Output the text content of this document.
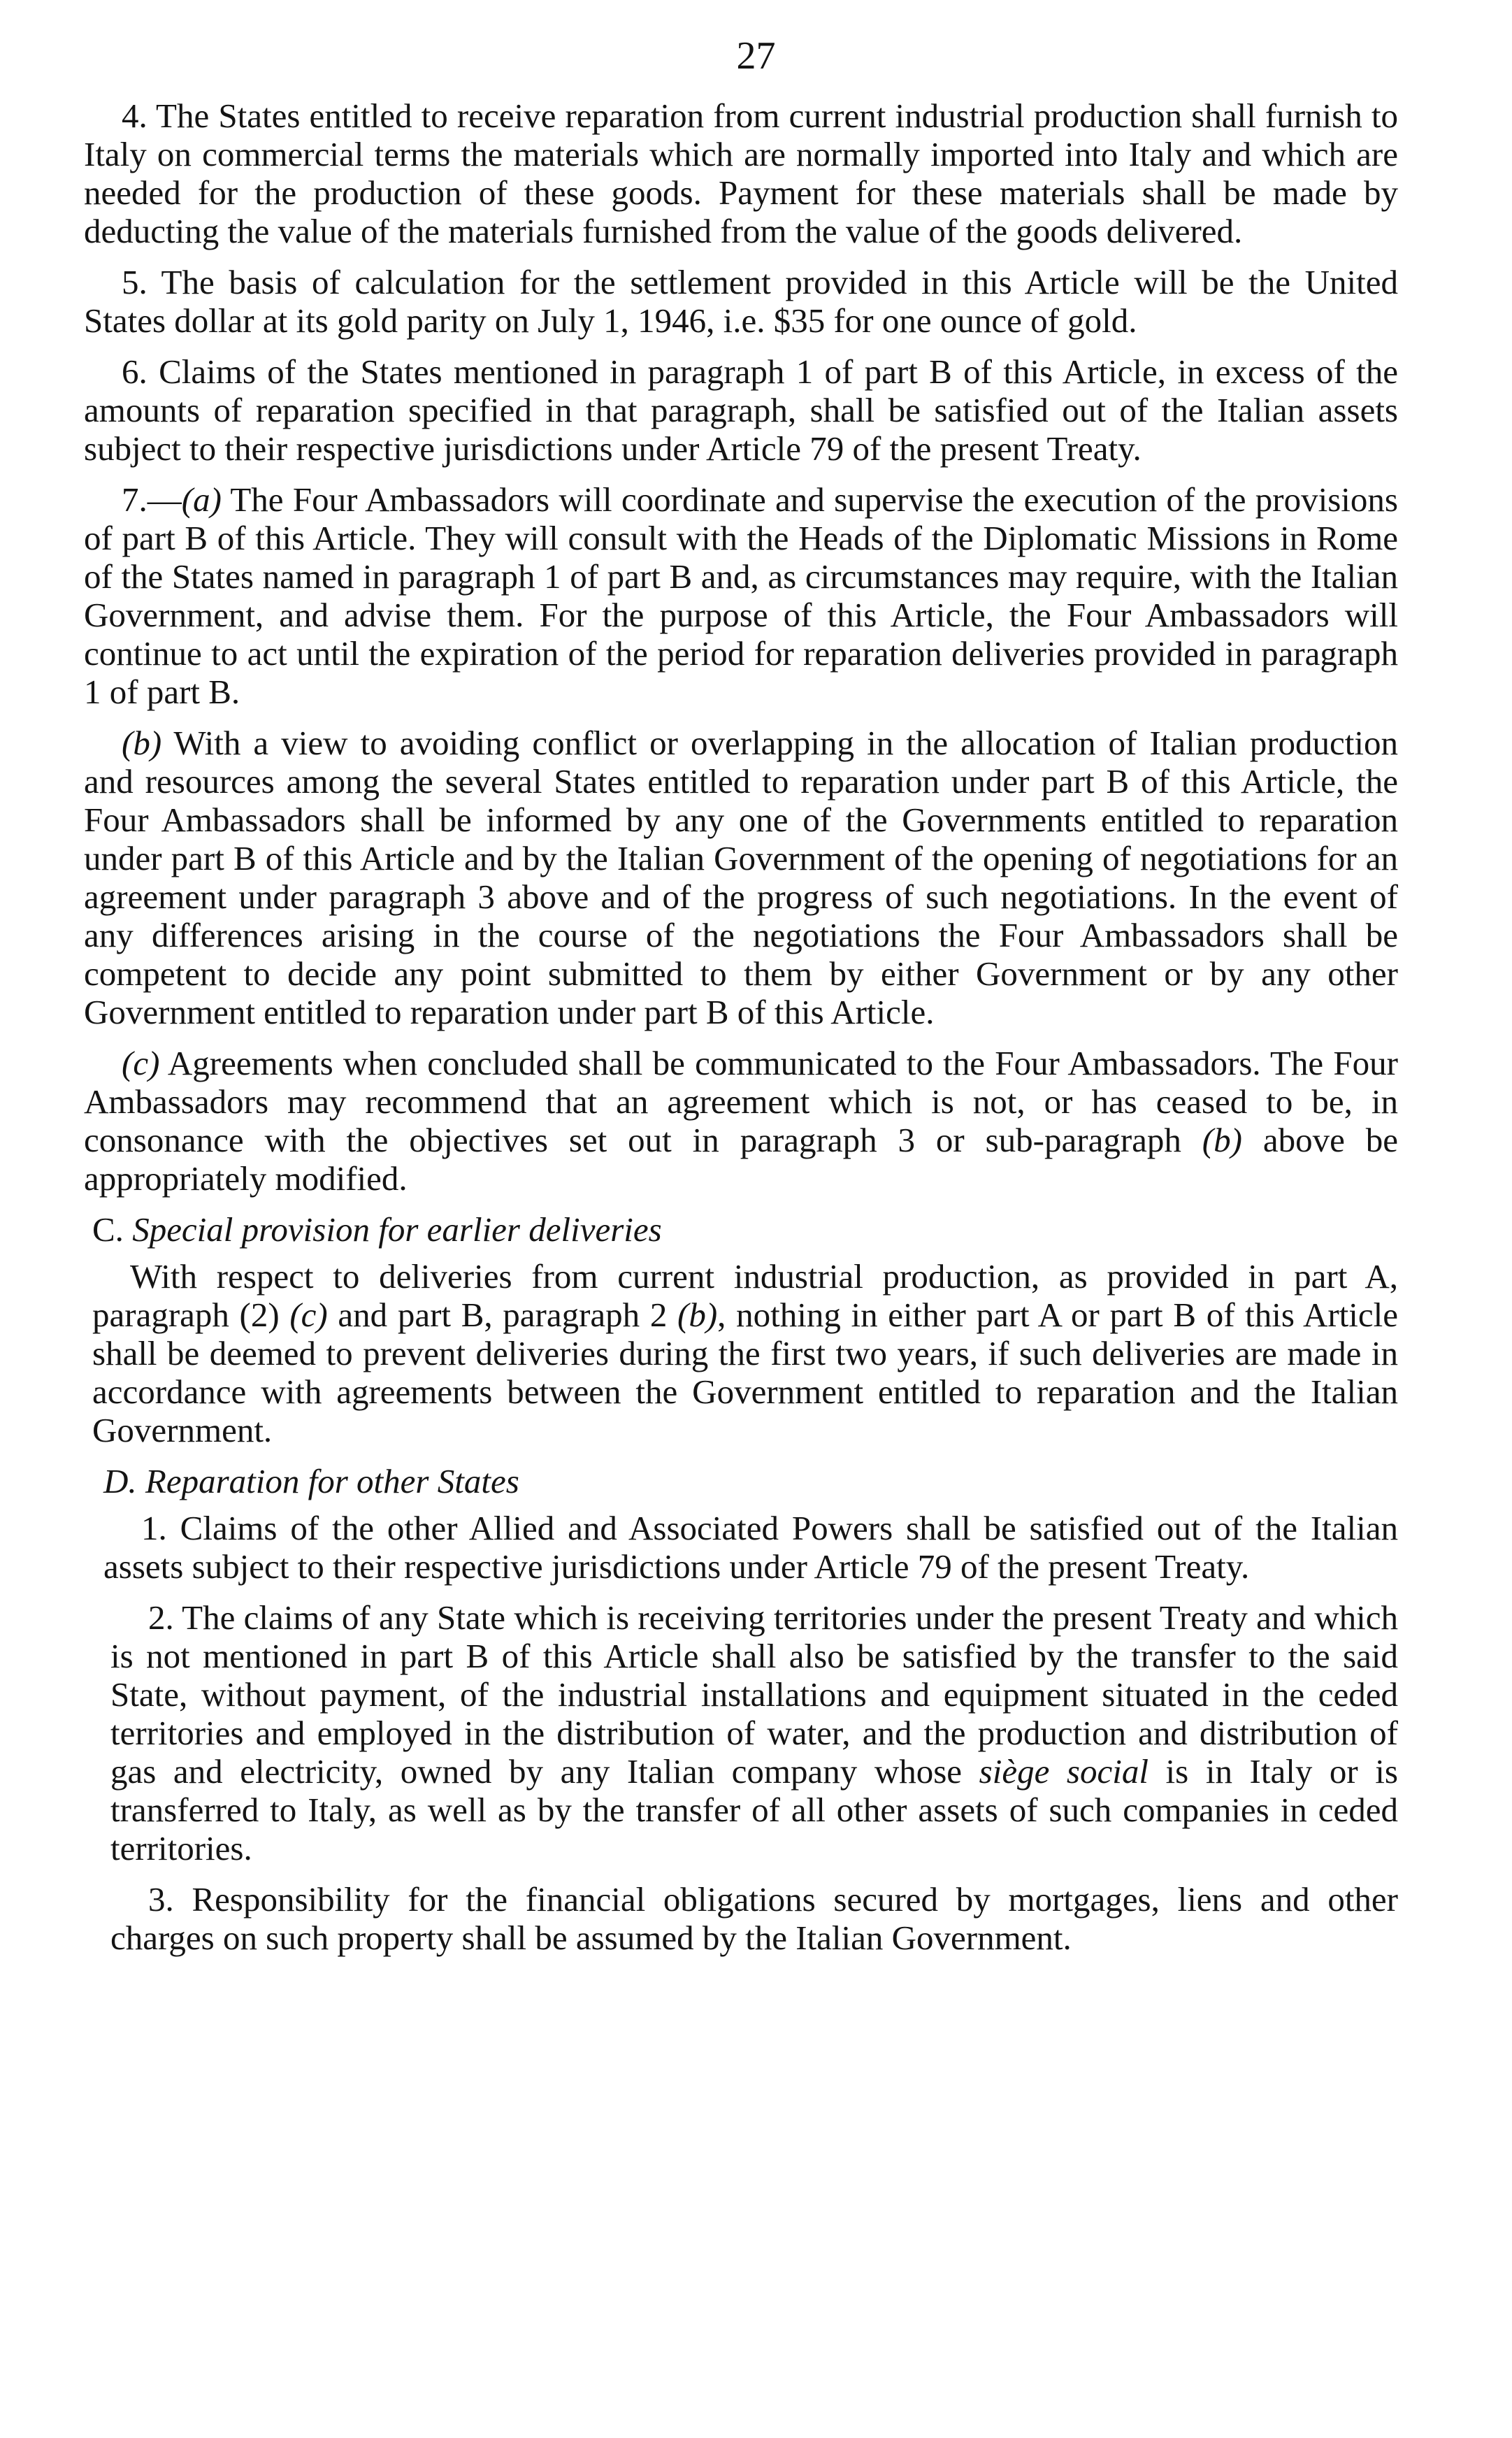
27

4. The States entitled to receive reparation from current industrial production shall furnish to Italy on commercial terms the materials which are normally imported into Italy and which are needed for the production of these goods. Payment for these materials shall be made by deducting the value of the materials furnished from the value of the goods delivered.

5. The basis of calculation for the settlement provided in this Article will be the United States dollar at its gold parity on July 1, 1946, i.e. $35 for one ounce of gold.

6. Claims of the States mentioned in paragraph 1 of part B of this Article, in excess of the amounts of reparation specified in that paragraph, shall be satisfied out of the Italian assets subject to their respective jurisdictions under Article 79 of the present Treaty.

7.—(a) The Four Ambassadors will coordinate and supervise the execution of the provisions of part B of this Article. They will consult with the Heads of the Diplomatic Missions in Rome of the States named in paragraph 1 of part B and, as circumstances may require, with the Italian Government, and advise them. For the purpose of this Article, the Four Ambassadors will continue to act until the expiration of the period for reparation deliveries provided in paragraph 1 of part B.

(b) With a view to avoiding conflict or overlapping in the allocation of Italian production and resources among the several States entitled to reparation under part B of this Article, the Four Ambassadors shall be informed by any one of the Governments entitled to reparation under part B of this Article and by the Italian Government of the opening of negotiations for an agreement under paragraph 3 above and of the progress of such negotiations. In the event of any differences arising in the course of the negotiations the Four Ambassadors shall be competent to decide any point submitted to them by either Government or by any other Government entitled to reparation under part B of this Article.

(c) Agreements when concluded shall be communicated to the Four Ambassadors. The Four Ambassadors may recommend that an agreement which is not, or has ceased to be, in consonance with the objectives set out in paragraph 3 or sub-paragraph (b) above be appropriately modified.

C. Special provision for earlier deliveries

With respect to deliveries from current industrial production, as provided in part A, paragraph (2) (c) and part B, paragraph 2 (b), nothing in either part A or part B of this Article shall be deemed to prevent deliveries during the first two years, if such deliveries are made in accordance with agreements between the Government entitled to reparation and the Italian Government.

D. Reparation for other States

1. Claims of the other Allied and Associated Powers shall be satisfied out of the Italian assets subject to their respective jurisdictions under Article 79 of the present Treaty.

2. The claims of any State which is receiving territories under the present Treaty and which is not mentioned in part B of this Article shall also be satisfied by the transfer to the said State, without payment, of the industrial installations and equipment situated in the ceded territories and employed in the distribution of water, and the production and distribution of gas and electricity, owned by any Italian company whose siège social is in Italy or is transferred to Italy, as well as by the transfer of all other assets of such companies in ceded territories.

3. Responsibility for the financial obligations secured by mortgages, liens and other charges on such property shall be assumed by the Italian Government.
